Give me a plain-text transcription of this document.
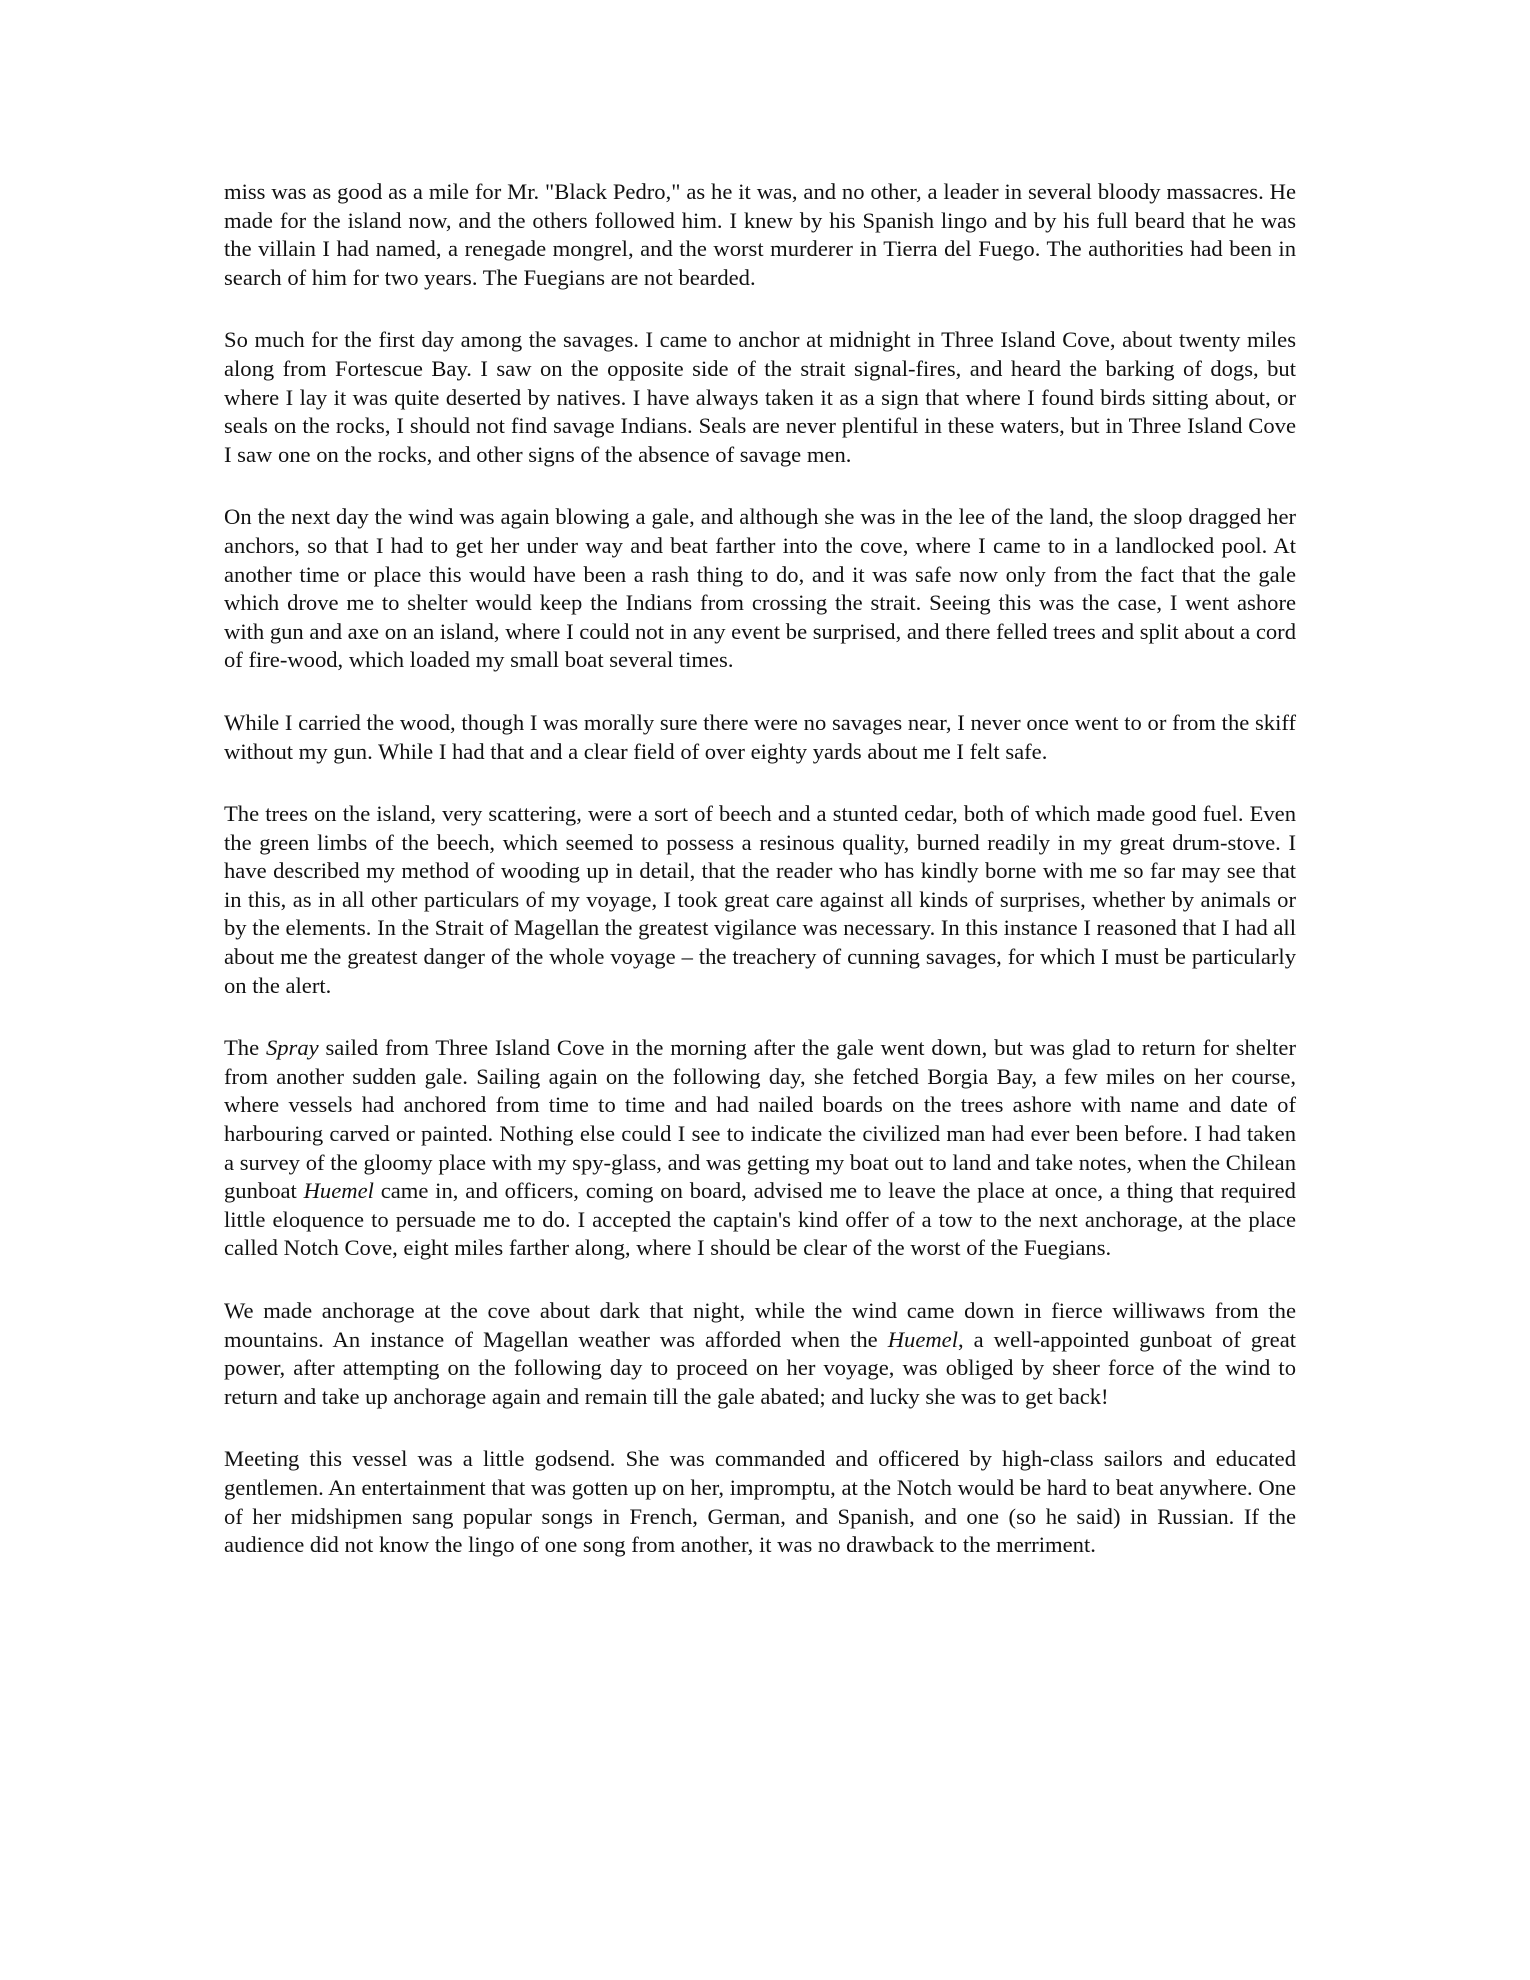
miss was as good as a mile for Mr. "Black Pedro," as he it was, and no other, a leader in several bloody massacres. He made for the island now, and the others followed him. I knew by his Spanish lingo and by his full beard that he was the villain I had named, a renegade mongrel, and the worst murderer in Tierra del Fuego. The authorities had been in search of him for two years. The Fuegians are not bearded.

So much for the first day among the savages. I came to anchor at midnight in Three Island Cove, about twenty miles along from Fortescue Bay. I saw on the opposite side of the strait signal-fires, and heard the barking of dogs, but where I lay it was quite deserted by natives. I have always taken it as a sign that where I found birds sitting about, or seals on the rocks, I should not find savage Indians. Seals are never plentiful in these waters, but in Three Island Cove I saw one on the rocks, and other signs of the absence of savage men.

On the next day the wind was again blowing a gale, and although she was in the lee of the land, the sloop dragged her anchors, so that I had to get her under way and beat farther into the cove, where I came to in a landlocked pool. At another time or place this would have been a rash thing to do, and it was safe now only from the fact that the gale which drove me to shelter would keep the Indians from crossing the strait. Seeing this was the case, I went ashore with gun and axe on an island, where I could not in any event be surprised, and there felled trees and split about a cord of fire-wood, which loaded my small boat several times.

While I carried the wood, though I was morally sure there were no savages near, I never once went to or from the skiff without my gun. While I had that and a clear field of over eighty yards about me I felt safe.

The trees on the island, very scattering, were a sort of beech and a stunted cedar, both of which made good fuel. Even the green limbs of the beech, which seemed to possess a resinous quality, burned readily in my great drum-stove. I have described my method of wooding up in detail, that the reader who has kindly borne with me so far may see that in this, as in all other particulars of my voyage, I took great care against all kinds of surprises, whether by animals or by the elements. In the Strait of Magellan the greatest vigilance was necessary. In this instance I reasoned that I had all about me the greatest danger of the whole voyage – the treachery of cunning savages, for which I must be particularly on the alert.

The Spray sailed from Three Island Cove in the morning after the gale went down, but was glad to return for shelter from another sudden gale. Sailing again on the following day, she fetched Borgia Bay, a few miles on her course, where vessels had anchored from time to time and had nailed boards on the trees ashore with name and date of harbouring carved or painted. Nothing else could I see to indicate the civilized man had ever been before. I had taken a survey of the gloomy place with my spy-glass, and was getting my boat out to land and take notes, when the Chilean gunboat Huemel came in, and officers, coming on board, advised me to leave the place at once, a thing that required little eloquence to persuade me to do. I accepted the captain's kind offer of a tow to the next anchorage, at the place called Notch Cove, eight miles farther along, where I should be clear of the worst of the Fuegians.

We made anchorage at the cove about dark that night, while the wind came down in fierce williwaws from the mountains. An instance of Magellan weather was afforded when the Huemel, a well-appointed gunboat of great power, after attempting on the following day to proceed on her voyage, was obliged by sheer force of the wind to return and take up anchorage again and remain till the gale abated; and lucky she was to get back!

Meeting this vessel was a little godsend. She was commanded and officered by high-class sailors and educated gentlemen. An entertainment that was gotten up on her, impromptu, at the Notch would be hard to beat anywhere. One of her midshipmen sang popular songs in French, German, and Spanish, and one (so he said) in Russian. If the audience did not know the lingo of one song from another, it was no drawback to the merriment.
